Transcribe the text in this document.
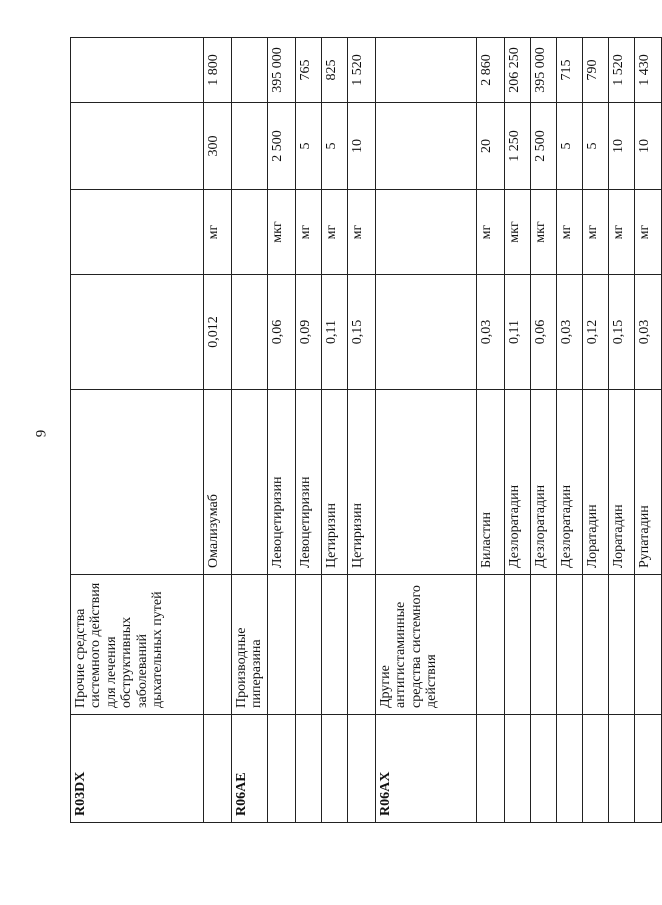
9
R03DX	Прочие средства системного действия для лечения обструктивных заболеваний дыхательных путей					
		Омализумаб	0,012	мг	300	1 800
R06AE	Производные пиперазина					
		Левоцетиризин	0,06	мкг	2 500	395 000
		Левоцетиризин	0,09	мг	5	765
		Цетиризин	0,11	мг	5	825
		Цетиризин	0,15	мг	10	1 520
R06AX	Другие антигистаминные средства системного действия					
		Биластин	0,03	мг	20	2 860
		Дезлоратадин	0,11	мкг	1 250	206 250
		Дезлоратадин	0,06	мкг	2 500	395 000
		Дезлоратадин	0,03	мг	5	715
		Лоратадин	0,12	мг	5	790
		Лоратадин	0,15	мг	10	1 520
		Рупатадин	0,03	мг	10	1 430
